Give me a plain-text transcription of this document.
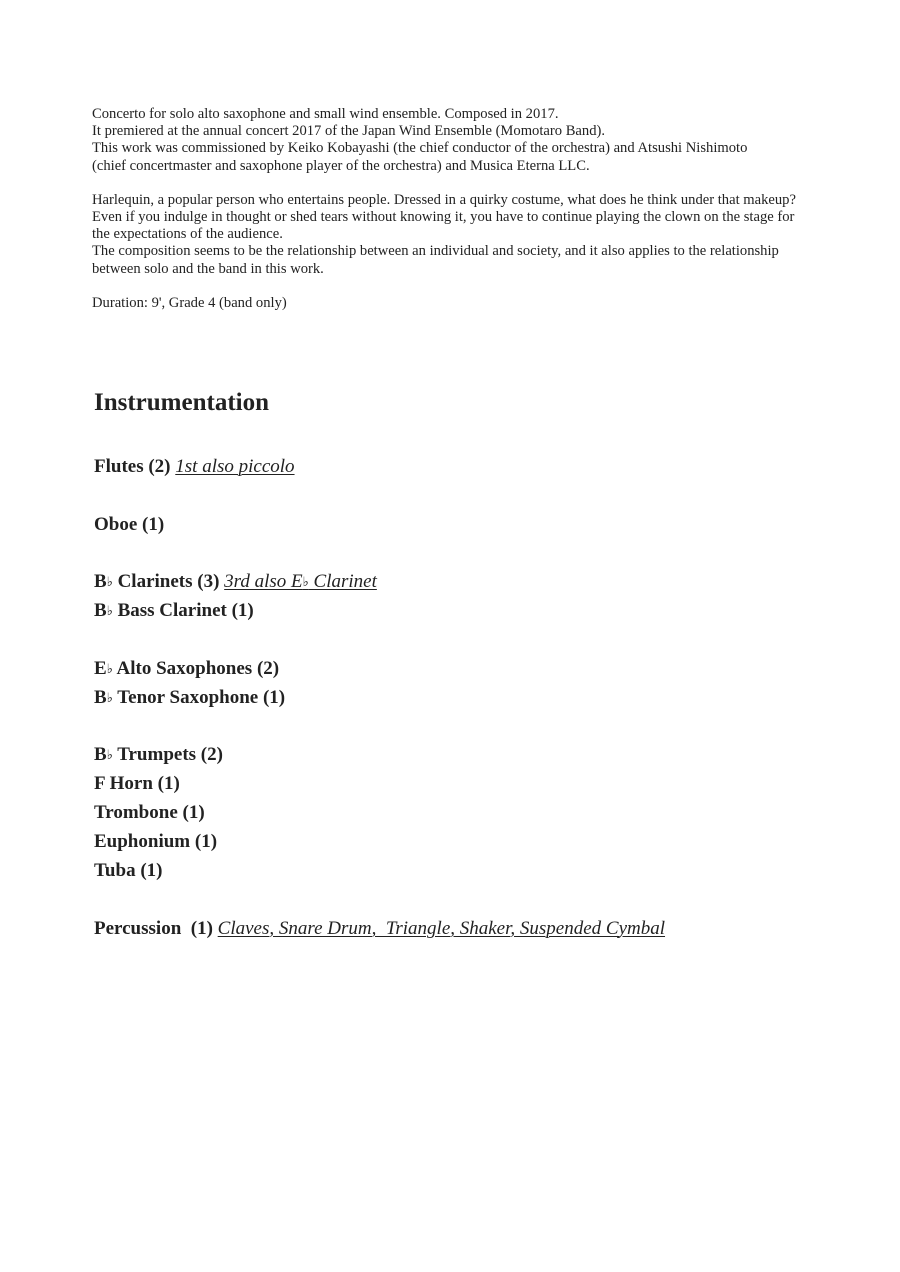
Concerto for solo alto saxophone and small wind ensemble. Composed in 2017.
It premiered at the annual concert 2017 of the Japan Wind Ensemble (Momotaro Band).
This work was commissioned by Keiko Kobayashi (the chief conductor of the orchestra) and Atsushi Nishimoto
(chief concertmaster and saxophone player of the orchestra) and Musica Eterna LLC.
Harlequin, a popular person who entertains people. Dressed in a quirky costume, what does he think under that makeup?
Even if you indulge in thought or shed tears without knowing it, you have to continue playing the clown on the stage for
the expectations of the audience.
The composition seems to be the relationship between an individual and society, and it also applies to the relationship
between solo and the band in this work.
Duration: 9', Grade 4 (band only)
Instrumentation
Flutes (2) 1st also piccolo
Oboe (1)
B♭ Clarinets (3) 3rd also E♭ Clarinet
B♭ Bass Clarinet (1)
E♭ Alto Saxophones (2)
B♭ Tenor Saxophone (1)
B♭ Trumpets (2)
F Horn (1)
Trombone (1)
Euphonium (1)
Tuba (1)
Percussion  (1) Claves, Snare Drum,  Triangle, Shaker, Suspended Cymbal
